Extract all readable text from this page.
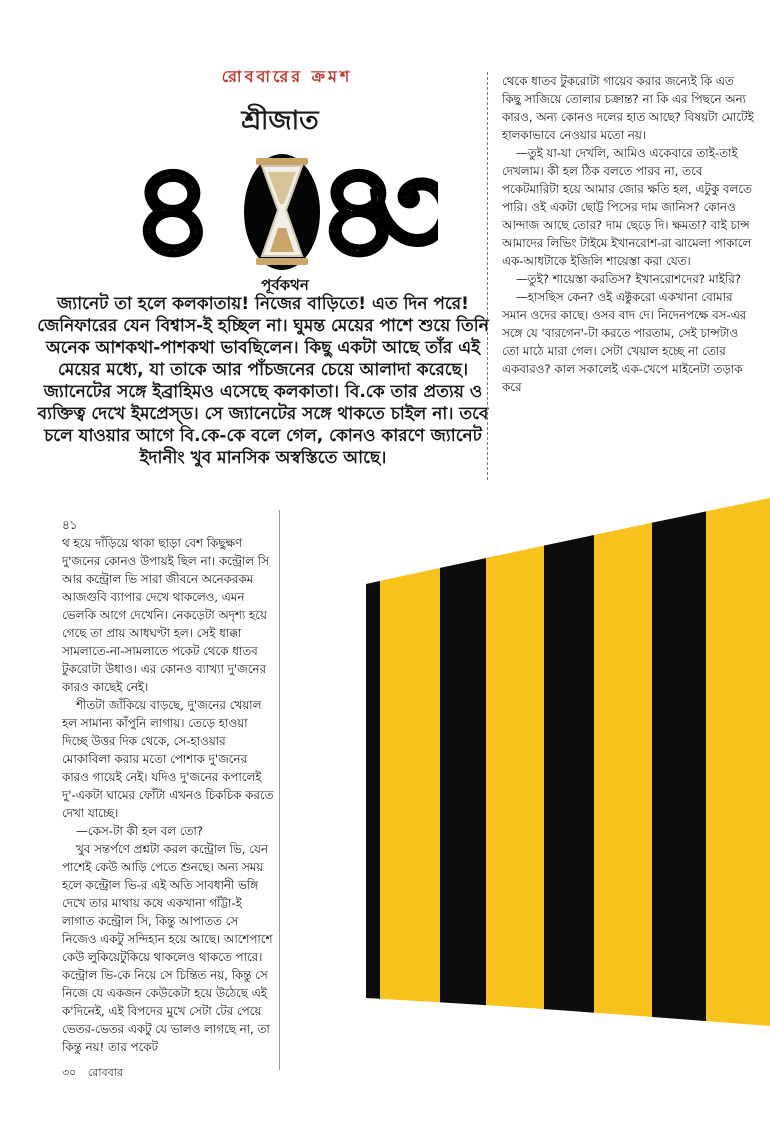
রোববারের ক্রমশ
শ্রীজাত
৪ ৪
৩
পূর্বকথন
জ্যানেট তা হলে কলকাতায়! নিজের বাড়িতে! এত দিন পরে! জেনিফারের যেন বিশ্বাস-ই হচ্ছিল না। ঘুমন্ত মেয়ের পাশে শুয়ে তিনি অনেক আশকথা-পাশকথা ভাবছিলেন। কিছু একটা আছে তাঁর এই মেয়ের মধ্যে, যা তাকে আর পাঁচজনের চেয়ে আলাদা করেছে। জ্যানেটের সঙ্গে ইব্রাহিমও এসেছে কলকাতা। বি.কে তার প্রত্যয় ও ব্যক্তিত্ব দেখে ইমপ্রেস্‌ড। সে জ্যানেটের সঙ্গে থাকতে চাইল না। তবে চলে যাওয়ার আগে বি.কে-কে বলে গেল, কোনও কারণে জ্যানেট ইদানীং খুব মানসিক অস্বস্তিতে আছে।

থেকে ধাতব টুকরোটা গায়েব করার জন্যেই কি এত কিছু সাজিয়ে তোলার চক্রান্ত? না কি এর পিছনে অন্য কারও, অন্য কোনও দলের হাত আছে? বিষয়টা মোটেই হালকাভাবে নেওয়ার মতো নয়।

—তুই যা-যা দেখলি, আমিও একেবারে তাই-তাই দেখলাম। কী হল ঠিক বলতে পারব না, তবে পকেটমারিটা হয়ে আমার জোর ক্ষতি হল, এটুকু বলতে পারি। ওই একটা ছোট্ট পিসের দাম জানিস? কোনও আন্দাজ আছে তোর? দাম ছেড়ে দি। ক্ষমতা? বাই চান্স আমাদের লিভিং টাইমে ইখানরোশ-রা ঝামেলা পাকালে এক-আধটাকে ইজিলি শায়েস্তা করা যেত।

—তুই? শায়েস্তা করতিস? ইখানরোশদের? মাইরি?

—হাসছিস কেন? ওই এক্টুকরো একখানা বোমার সমান ওদের কাছে। ওসব বাদ দে। নিদেনপক্ষে বস-এর সঙ্গে যে 'বারগেন'-টা করতে পারতাম, সেই চান্সটাও তো মাঠে মারা গেল। সেটা খেয়াল হচ্ছে না তোর একবারও? কাল সকালেই এক-খেপে মাইনেটা তড়াক করে

৪১

থ হয়ে দাঁড়িয়ে থাকা ছাড়া বেশ কিছুক্ষণ দু'জনের কোনও উপায়ই ছিল না। কন্ট্রোল সি আর কন্ট্রোল ভি সারা জীবনে অনেকরকম আজগুবি ব্যাপার দেখে থাকলেও, এমন ভেলকি আগে দেখেনি। নেকড়েটা অদৃশ্য হয়ে গেছে তা প্রায় আধঘণ্টা হল। সেই ধাক্কা সামলাতে-না-সামলাতে পকেট থেকে ধাতব টুকরোটা উধাও। এর কোনও ব্যাখ্যা দু'জনের কারও কাছেই নেই।

শীতটা জাঁকিয়ে বাড়ছে, দু'জনের খেয়াল হল সামান্য কাঁপুনি লাগায়। তেড়ে হাওয়া দিচ্ছে উত্তর দিক থেকে, সে-হাওয়ার মোকাবিলা করার মতো পোশাক দু'জনের কারও গায়েই নেই। যদিও দু'জনের কপালেই দু'-একটা ঘামের ফোঁটা এখনও চিকচিক করতে দেখা যাচ্ছে।

—কেস-টা কী হল বল তো?

খুব সন্তর্পণে প্রশ্নটা করল কন্ট্রোল ভি, যেন পাশেই কেউ আড়ি পেতে শুনছে। অন্য সময় হলে কন্ট্রোল ভি-র এই অতি সাবধানী ভঙ্গি দেখে তার মাথায় কষে একখানা গাঁট্টা-ই লাগাত কন্ট্রোল সি, কিন্তু আপাতত সে নিজেও একটু সন্দিহান হয়ে আছে। আশেপাশে কেউ লুকিয়েটুকিয়ে থাকলেও থাকতে পারে। কন্ট্রোল ভি-কে নিয়ে সে চিন্তিত নয়, কিন্তু সে নিজে যে একজন কেউকেটা হয়ে উঠেছে এই ক'দিনেই, এই বিপদের মুখে সেটা টের পেয়ে ভেতর-ভেতর একটু যে ভালও লাগছে না, তা কিন্তু নয়! তার পকেট

৩০ রোববার
